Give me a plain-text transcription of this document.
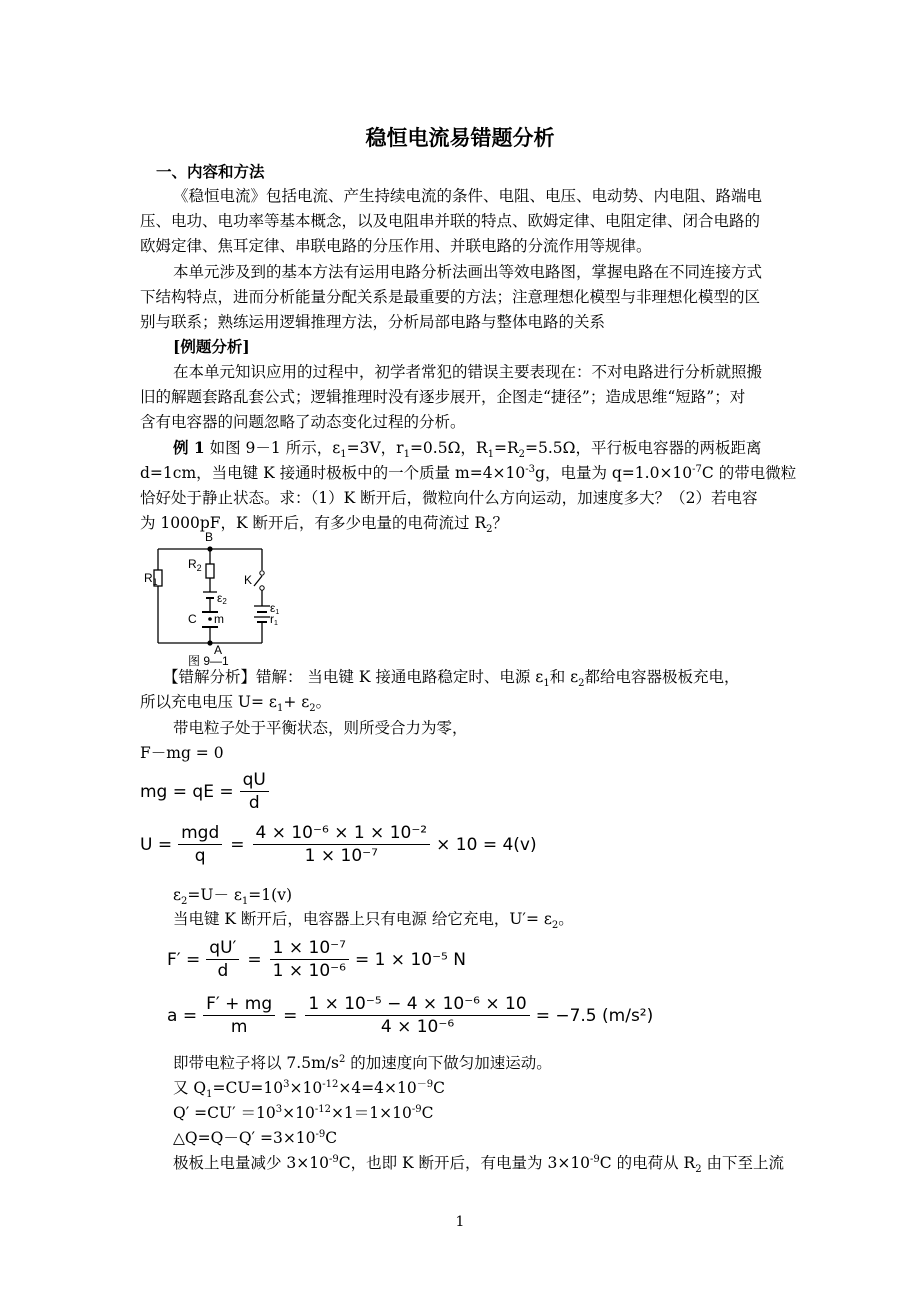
稳恒电流易错题分析
一、内容和方法
《稳恒电流》包括电流、产生持续电流的条件、电阻、电压、电动势、内电阻、路端电
压、电功、电功率等基本概念，以及电阻串并联的特点、欧姆定律、电阻定律、闭合电路的
欧姆定律、焦耳定律、串联电路的分压作用、并联电路的分流作用等规律。
本单元涉及到的基本方法有运用电路分析法画出等效电路图，掌握电路在不同连接方式
下结构特点，进而分析能量分配关系是最重要的方法；注意理想化模型与非理想化模型的区
别与联系；熟练运用逻辑推理方法，分析局部电路与整体电路的关系
[例题分析]
在本单元知识应用的过程中，初学者常犯的错误主要表现在：不对电路进行分析就照搬
旧的解题套路乱套公式；逻辑推理时没有逐步展开，企图走“捷径”；造成思维“短路”；对
含有电容器的问题忽略了动态变化过程的分析。
例 1 如图 9－1 所示，$\varepsilon_1=3V$，$r_1=0.5\Omega$，$R_1=R_2=5.5\Omega$，平行板电容器的两板距离
d=1cm，当电键 K 接通时极板中的一个质量 $m=4\times 10^{-3}g$，电量为 $q=1.0\times 10^{-7}C$ 的带电微粒
恰好处于静止状态。求：（1）K 断开后，微粒向什么方向运动，加速度多大？（2）若电容
为 1000pF，K 断开后，有多少电量的电荷流过 $R_2$？
B
A
$R_1$
$R_2$
K
C m
ε2	ε1
r1
图 9—1
【错解分析】错解： 当电键 K 接通电路稳定时、电源 $\varepsilon_1$和 $\varepsilon_2$都给电容器极板充电，
所以充电电压 $U= \varepsilon_1+ \varepsilon_2$。
带电粒子处于平衡状态，则所受合力为零，
F－mg = 0
mg = qE = $\frac{qU}{d}$
$U = \frac{\text{mgd}}{q} = \frac{\text{4 × 10⁻⁶ × 1 × 10⁻²}}{\text{1 × 10⁻⁷}} \times 10 = 4(v)$
$\varepsilon_2=U- \varepsilon_1=1(v)$
当电键 K 断开后，电容器上只有电源 给它充电，$U'= \varepsilon_2$。
$F' = \frac{qU'}{d} = \frac{\text{1 × 10⁻⁷}}{\text{1 × 10⁻⁶}} = 1 \times 10^{-5}$ N
$a = \frac{F' + mg}{m} = \frac{\text{1 × 10⁻⁵ − 4 × 10⁻⁶ × 10}}{\text{4 × 10⁻⁶}} = -7.5$ (m/s²)
即带电粒子将以 $7.5m/s^2$ 的加速度向下做匀加速运动。
又 $Q_1=CU=10^3\times 10^{-12}\times 4=4\times 10^{-9}C$
$Q' =CU' =10^3\times 10^{-12}\times 1=1\times 10^{-9}C$
△Q=Q－Q′ $=3\times 10^{-9}C$
极板上电量减少 $3\times 10^{-9}C$，也即 K 断开后，有电量为 $3\times 10^{-9}C$ 的电荷从 $R_2$ 由下至上流
1
